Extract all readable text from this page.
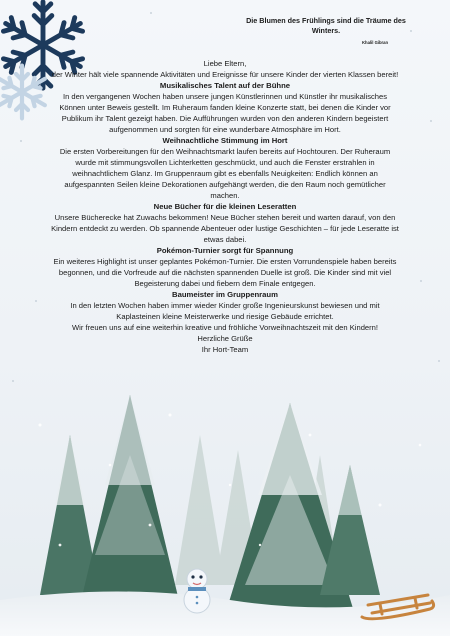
Die Blumen des Frühlings sind die Träume des Winters.
Khalil Gibran

Liebe Eltern,

der Winter hält viele spannende Aktivitäten und Ereignisse für unsere Kinder der vierten Klassen bereit!

Musikalisches Talent auf der Bühne

In den vergangenen Wochen haben unsere jungen Künstlerinnen und Künstler ihr musikalisches Können unter Beweis gestellt. Im Ruheraum fanden kleine Konzerte statt, bei denen die Kinder vor Publikum ihr Talent gezeigt haben. Die Aufführungen wurden von den anderen Kindern begeistert aufgenommen und sorgten für eine wunderbare Atmosphäre im Hort.

Weihnachtliche Stimmung im Hort

Die ersten Vorbereitungen für den Weihnachtsmarkt laufen bereits auf Hochtouren. Der Ruheraum wurde mit stimmungsvollen Lichterketten geschmückt, und auch die Fenster erstrahlen in weihnachtlichem Glanz. Im Gruppenraum gibt es ebenfalls Neuigkeiten: Endlich können an aufgespannten Seilen kleine Dekorationen aufgehängt werden, die den Raum noch gemütlicher machen.

Neue Bücher für die kleinen Leseratten

Unsere Bücherecke hat Zuwachs bekommen! Neue Bücher stehen bereit und warten darauf, von den Kindern entdeckt zu werden. Ob spannende Abenteuer oder lustige Geschichten – für jede Leseratte ist etwas dabei.

Pokémon-Turnier sorgt für Spannung

Ein weiteres Highlight ist unser geplantes Pokémon-Turnier. Die ersten Vorrundenspiele haben bereits begonnen, und die Vorfreude auf die nächsten spannenden Duelle ist groß. Die Kinder sind mit viel Begeisterung dabei und fiebern dem Finale entgegen.

Baumeister im Gruppenraum

In den letzten Wochen haben immer wieder Kinder große Ingenieurskunst bewiesen und mit Kaplasteinen kleine Meisterwerke und riesige Gebäude errichtet.

Wir freuen uns auf eine weiterhin kreative und fröhliche Vorweihnachtszeit mit den Kindern!

Herzliche Grüße

Ihr Hort-Team
